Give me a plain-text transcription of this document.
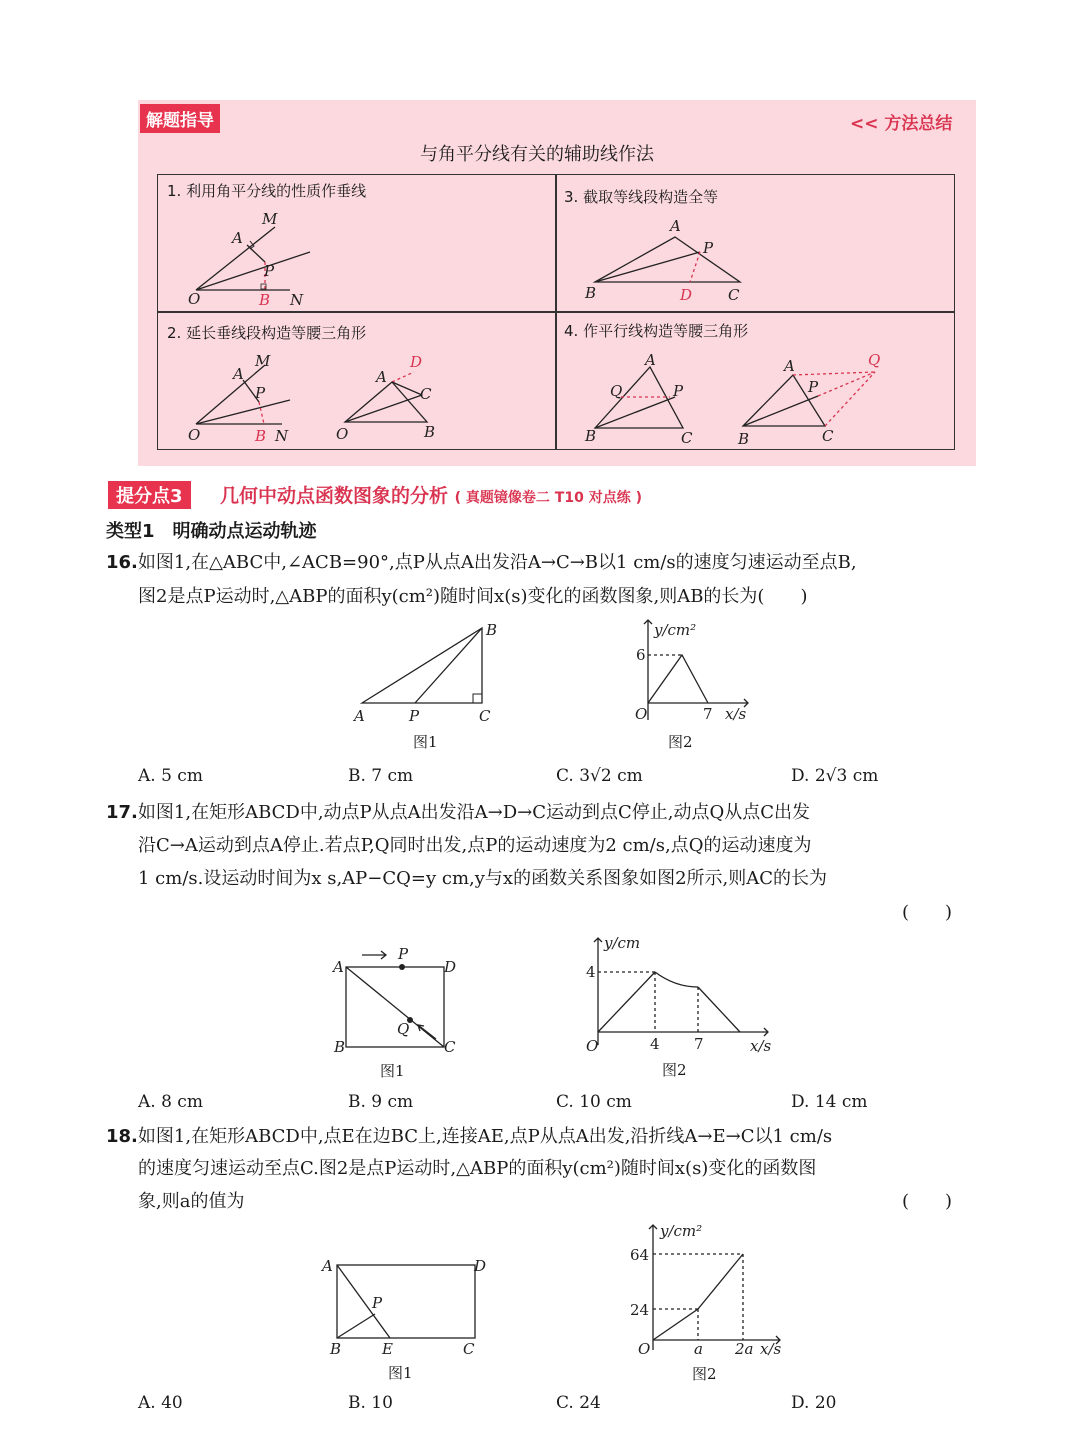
解题指导	<< 方法总结
与角平分线有关的辅助线作法
1. 利用角平分线的性质作垂线	3. 截取等线段构造全等
2. 延长垂线段构造等腰三角形	4. 作平行线构造等腰三角形
O
M
A
P
B N
A
P
B	D C
O
M
A
P
B N	O
A
D
C
B
A
Q	P
B	C
A	Q
P
B	C
提分点3	几何中动点函数图象的分析 ( 真题镜像卷二 T10 对点练 )
类型1　明确动点运动轨迹
16.如图1,在△ABC中,∠ACB=90°,点P从点A出发沿A→C→B以1 cm/s的速度匀速运动至点B,
图2是点P运动时,△ABP的面积y(cm²)随时间x(s)变化的函数图象,则AB的长为(　　)
A	P	C
B
O	7 x/s
y/cm²
6
图1	图2
A. 5 cm	B. 7 cm	C. 3√2 cm	D. 2√3 cm
17.如图1,在矩形ABCD中,动点P从点A出发沿A→D→C运动到点C停止,动点Q从点C出发
沿C→A运动到点A停止.若点P,Q同时出发,点P的运动速度为2 cm/s,点Q的运动速度为
1 cm/s.设运动时间为x s,AP−CQ=y cm,y与x的函数关系图象如图2所示,则AC的长为
(　　)
A	D
B	C
P
Q
O	4 7	x/s
y/cm
4
图1	图2
A. 8 cm	B. 9 cm	C. 10 cm	D. 14 cm
18.如图1,在矩形ABCD中,点E在边BC上,连接AE,点P从点A出发,沿折线A→E→C以1 cm/s
的速度匀速运动至点C.图2是点P运动时,△ABP的面积y(cm²)随时间x(s)变化的函数图
象,则a的值为	(　　)
A	D
B	E	C
P
O	a 2a x/s
y/cm²
64
24
图1	图2
A. 40	B. 10	C. 24	D. 20
